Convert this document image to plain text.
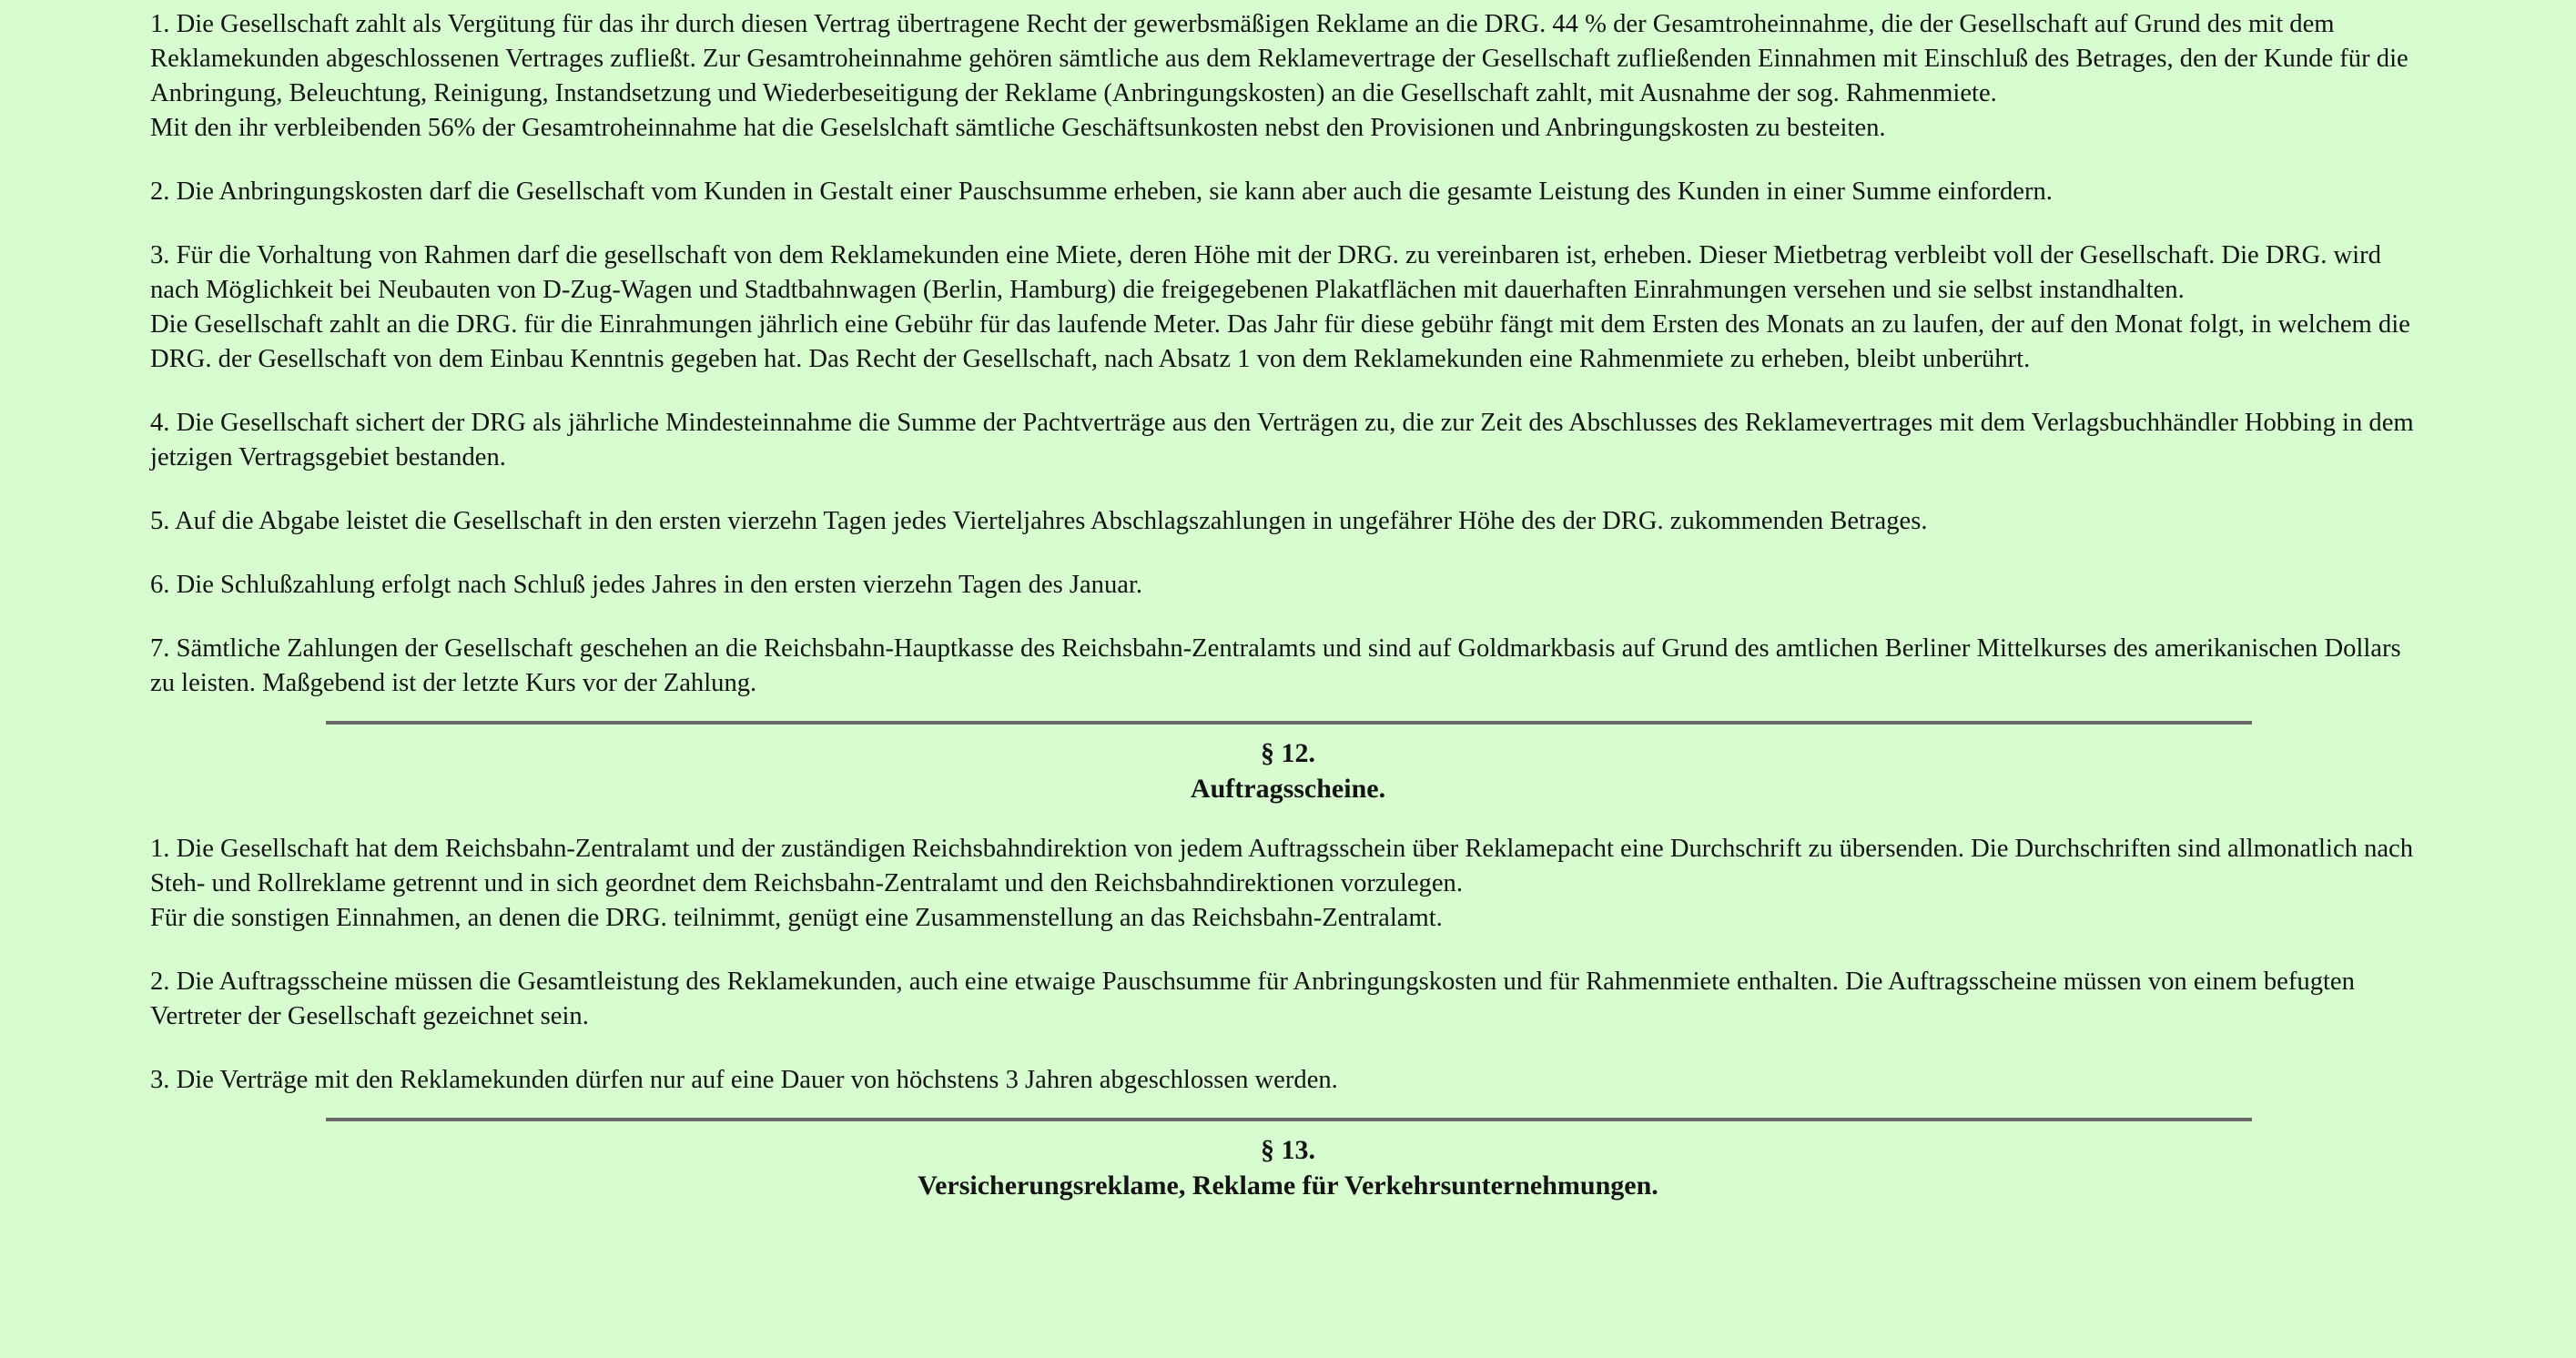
1. Die Gesellschaft zahlt als Vergütung für das ihr durch diesen Vertrag übertragene Recht der gewerbsmäßigen Reklame an die DRG. 44 % der Gesamtroheinnahme, die der Gesellschaft auf Grund des mit dem Reklamekunden abgeschlossenen Vertrages zufließt. Zur Gesamtroheinnahme gehören sämtliche aus dem Reklamevertrage der Gesellschaft zufließenden Einnahmen mit Einschluß des Betrages, den der Kunde für die Anbringung, Beleuchtung, Reinigung, Instandsetzung und Wiederbeseitigung der Reklame (Anbringungskosten) an die Gesellschaft zahlt, mit Ausnahme der sog. Rahmenmiete.

Mit den ihr verbleibenden 56% der Gesamtroheinnahme hat die Geselslchaft sämtliche Geschäftsunkosten nebst den Provisionen und Anbringungskosten zu besteiten.

2. Die Anbringungskosten darf die Gesellschaft vom Kunden in Gestalt einer Pauschsumme erheben, sie kann aber auch die gesamte Leistung des Kunden in einer Summe einfordern.

3. Für die Vorhaltung von Rahmen darf die gesellschaft von dem Reklamekunden eine Miete, deren Höhe mit der DRG. zu vereinbaren ist, erheben. Dieser Mietbetrag verbleibt voll der Gesellschaft. Die DRG. wird nach Möglichkeit bei Neubauten von D-Zug-Wagen und Stadtbahnwagen (Berlin, Hamburg) die freigegebenen Plakatflächen mit dauerhaften Einrahmungen versehen und sie selbst instandhalten.

Die Gesellschaft zahlt an die DRG. für die Einrahmungen jährlich eine Gebühr für das laufende Meter. Das Jahr für diese gebühr fängt mit dem Ersten des Monats an zu laufen, der auf den Monat folgt, in welchem die DRG. der Gesellschaft von dem Einbau Kenntnis gegeben hat. Das Recht der Gesellschaft, nach Absatz 1 von dem Reklamekunden eine Rahmenmiete zu erheben, bleibt unberührt.

4. Die Gesellschaft sichert der DRG als jährliche Mindesteinnahme die Summe der Pachtverträge aus den Verträgen zu, die zur Zeit des Abschlusses des Reklamevertrages mit dem Verlagsbuchhändler Hobbing in dem jetzigen Vertragsgebiet bestanden.

5. Auf die Abgabe leistet die Gesellschaft in den ersten vierzehn Tagen jedes Vierteljahres Abschlagszahlungen in ungefährer Höhe des der DRG. zukommenden Betrages.

6. Die Schlußzahlung erfolgt nach Schluß jedes Jahres in den ersten vierzehn Tagen des Januar.

7. Sämtliche Zahlungen der Gesellschaft geschehen an die Reichsbahn-Hauptkasse des Reichsbahn-Zentralamts und sind auf Goldmarkbasis auf Grund des amtlichen Berliner Mittelkurses des amerikanischen Dollars zu leisten. Maßgebend ist der letzte Kurs vor der Zahlung.

§ 12.
Auftragsscheine.

1. Die Gesellschaft hat dem Reichsbahn-Zentralamt und der zuständigen Reichsbahndirektion von jedem Auftragsschein über Reklamepacht eine Durchschrift zu übersenden. Die Durchschriften sind allmonatlich nach Steh- und Rollreklame getrennt und in sich geordnet dem Reichsbahn-Zentralamt und den Reichsbahndirektionen vorzulegen.

Für die sonstigen Einnahmen, an denen die DRG. teilnimmt, genügt eine Zusammenstellung an das Reichsbahn-Zentralamt.

2. Die Auftragsscheine müssen die Gesamtleistung des Reklamekunden, auch eine etwaige Pauschsumme für Anbringungskosten und für Rahmenmiete enthalten. Die Auftragsscheine müssen von einem befugten Vertreter der Gesellschaft gezeichnet sein.

3. Die Verträge mit den Reklamekunden dürfen nur auf eine Dauer von höchstens 3 Jahren abgeschlossen werden.

§ 13.
Versicherungsreklame, Reklame für Verkehrsunternehmungen.
